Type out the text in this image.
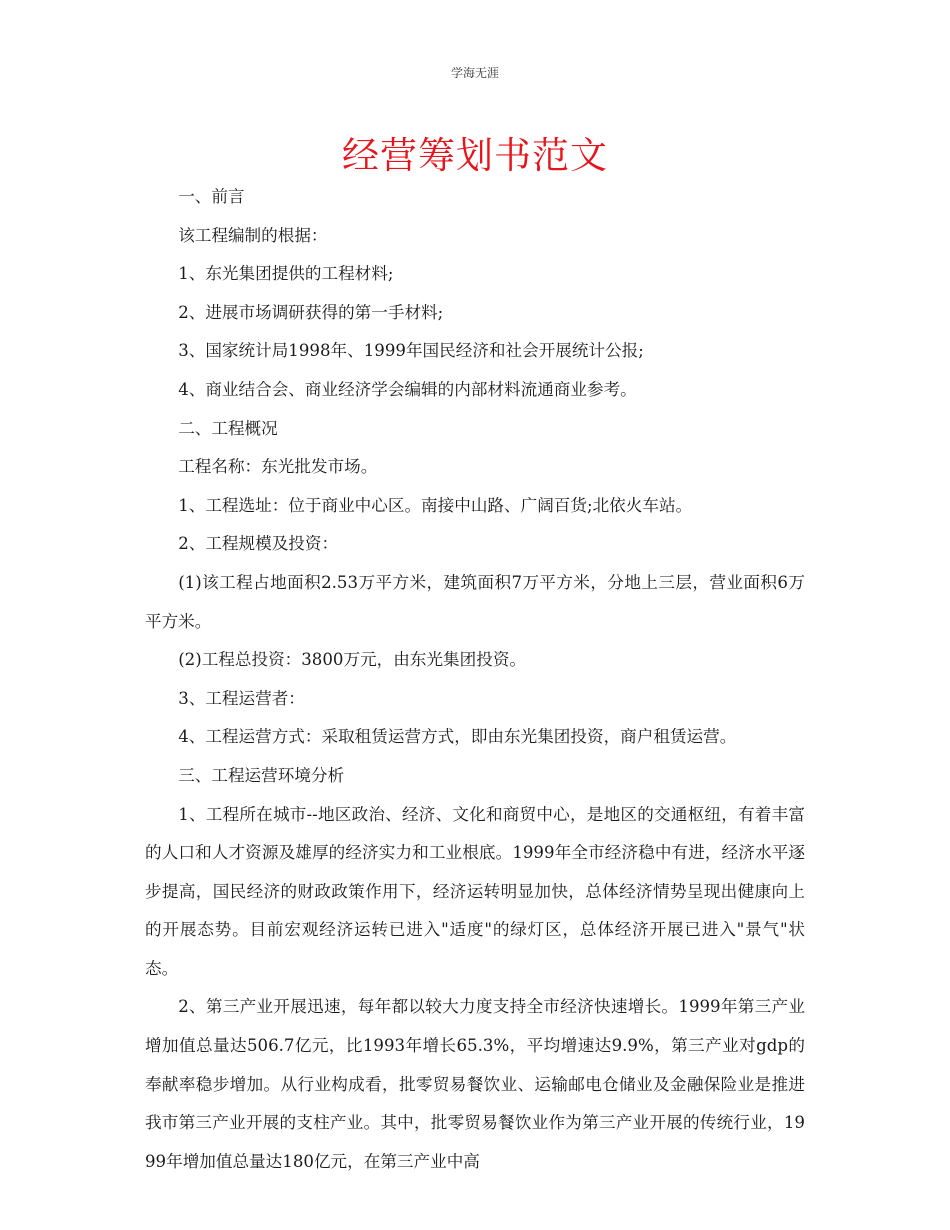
学海无涯
经营筹划书范文

一、前言

该工程编制的根据：

1、东光集团提供的工程材料;

2、进展市场调研获得的第一手材料;

3、国家统计局1998年、1999年国民经济和社会开展统计公报;

4、商业结合会、商业经济学会编辑的内部材料流通商业参考。

二、工程概况

工程名称：东光批发市场。

1、工程选址：位于商业中心区。南接中山路、广阔百货;北依火车站。

2、工程规模及投资：

(1)该工程占地面积2.53万平方米，建筑面积7万平方米，分地上三层，营业面积6万平方米。

(2)工程总投资：3800万元，由东光集团投资。

3、工程运营者：

4、工程运营方式：采取租赁运营方式，即由东光集团投资，商户租赁运营。

三、工程运营环境分析

1、工程所在城市--地区政治、经济、文化和商贸中心，是地区的交通枢纽，有着丰富的人口和人才资源及雄厚的经济实力和工业根底。1999年全市经济稳中有进，经济水平逐步提高，国民经济的财政政策作用下，经济运转明显加快，总体经济情势呈现出健康向上的开展态势。目前宏观经济运转已进入"适度"的绿灯区，总体经济开展已进入"景气"状态。

2、第三产业开展迅速，每年都以较大力度支持全市经济快速增长。1999年第三产业增加值总量达506.7亿元，比1993年增长65.3%，平均增速达9.9%，第三产业对gdp的奉献率稳步增加。从行业构成看，批零贸易餐饮业、运输邮电仓储业及金融保险业是推进我市第三产业开展的支柱产业。其中，批零贸易餐饮业作为第三产业开展的传统行业，1999年增加值总量达180亿元，在第三产业中高
